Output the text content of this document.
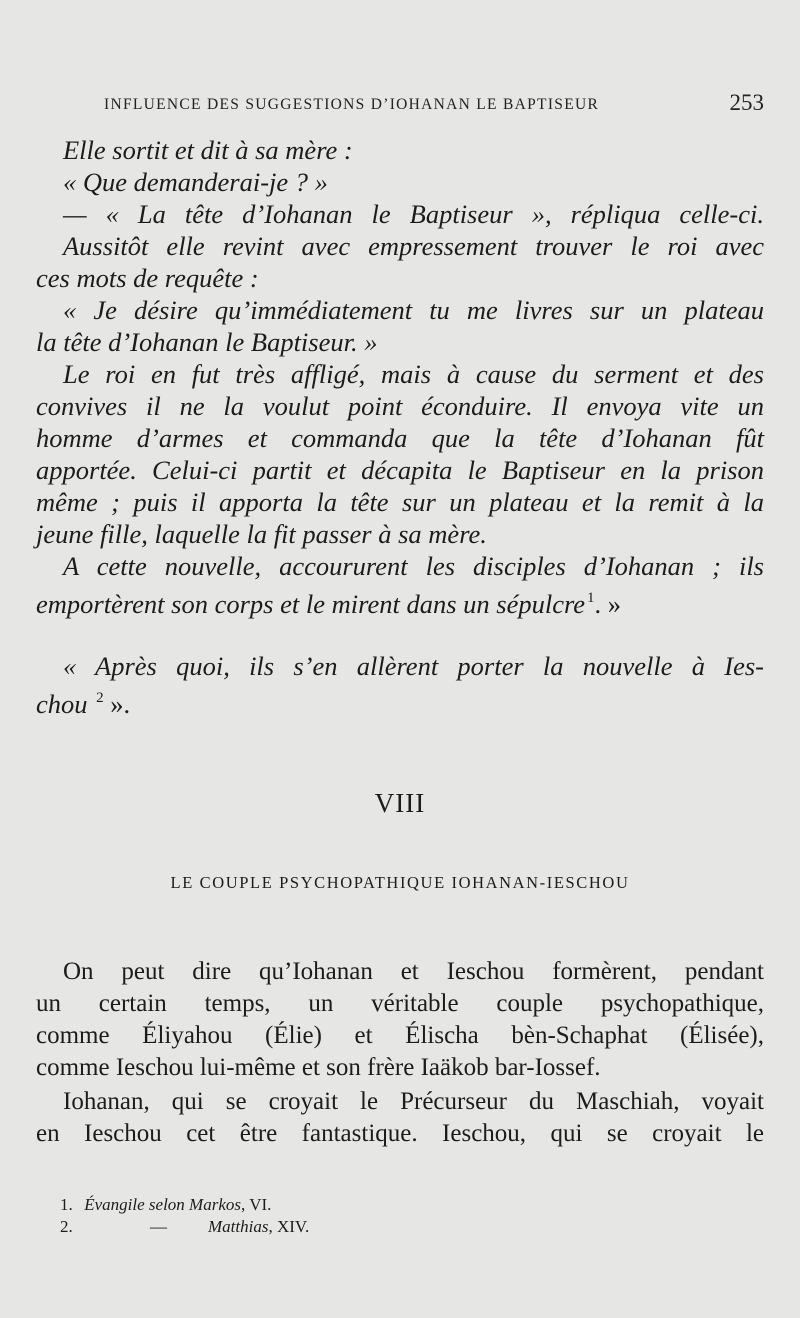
INFLUENCE DES SUGGESTIONS D’IOHANAN LE BAPTISEUR	253
Elle sortit et dit à sa mère :
« Que demanderai-je ? »
— « La tête d’Iohanan le Baptiseur », répliqua celle-ci.
Aussitôt elle revint avec empressement trouver le roi avec
ces mots de requête :
« Je désire qu’immédiatement tu me livres sur un plateau
la tête d’Iohanan le Baptiseur. »
Le roi en fut très affligé, mais à cause du serment et des
convives il ne la voulut point éconduire. Il envoya vite un
homme d’armes et commanda que la tête d’Iohanan fût
apportée. Celui-ci partit et décapita le Baptiseur en la prison
même ; puis il apporta la tête sur un plateau et la remit à la
jeune fille, laquelle la fit passer à sa mère.
A cette nouvelle, accoururent les disciples d’Iohanan ; ils
emportèrent son corps et le mirent dans un sépulcre $^1$. »
« Après quoi, ils s’en allèrent porter la nouvelle à Ies-
chou $^2$ ».
VIII
LE COUPLE PSYCHOPATHIQUE IOHANAN-IESCHOU
On peut dire qu’Iohanan et Ieschou formèrent, pendant
un certain temps, un véritable couple psychopathique,
comme Éliyahou (Élie) et Élischa bèn-Schaphat (Élisée),
comme Ieschou lui-même et son frère Iaäkob bar-Iossef.
Iohanan, qui se croyait le Précurseur du Maschiah, voyait
en Ieschou cet être fantastique. Ieschou, qui se croyait le
1. Évangile selon Markos, VI.
2.	— Matthias, XIV.
